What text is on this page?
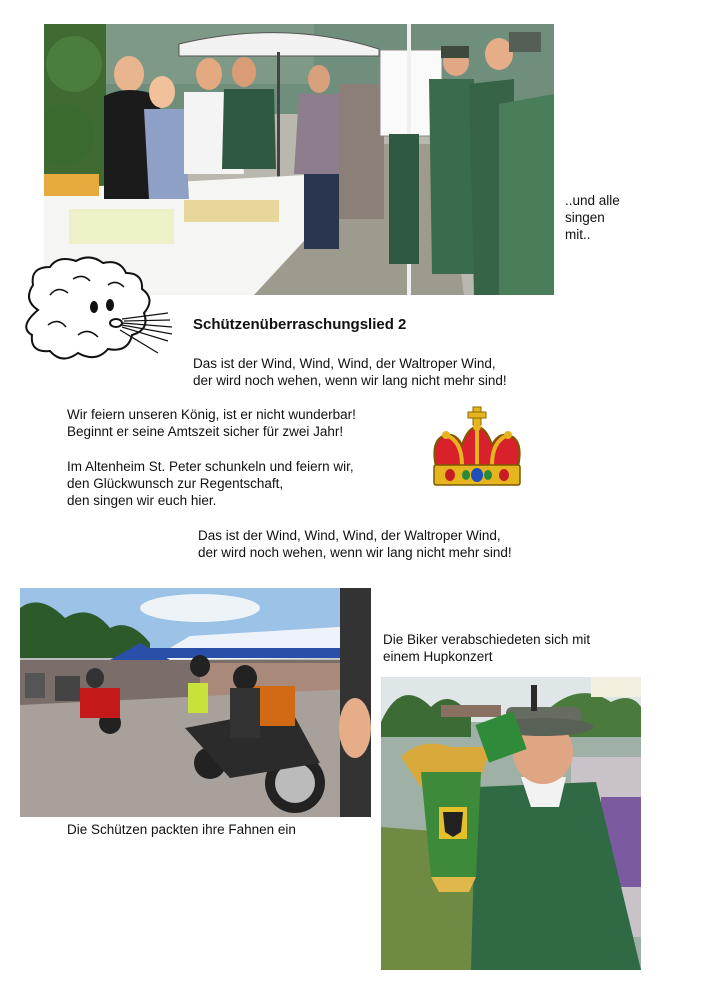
..und alle
singen
mit..
Schützenüberraschungslied 2
Das ist der Wind, Wind, Wind, der Waltroper Wind,
der wird noch wehen, wenn wir lang nicht mehr sind!
Wir feiern unseren König, ist er nicht wunderbar!
Beginnt er seine Amtszeit sicher für zwei Jahr!
Im Altenheim St. Peter schunkeln und feiern wir,
den Glückwunsch zur Regentschaft,
den singen wir euch hier.
Das ist der Wind, Wind, Wind, der Waltroper Wind,
der wird noch wehen, wenn wir lang nicht mehr sind!
Die Biker verabschiedeten sich mit
einem Hupkonzert
Die Schützen packten ihre Fahnen ein
